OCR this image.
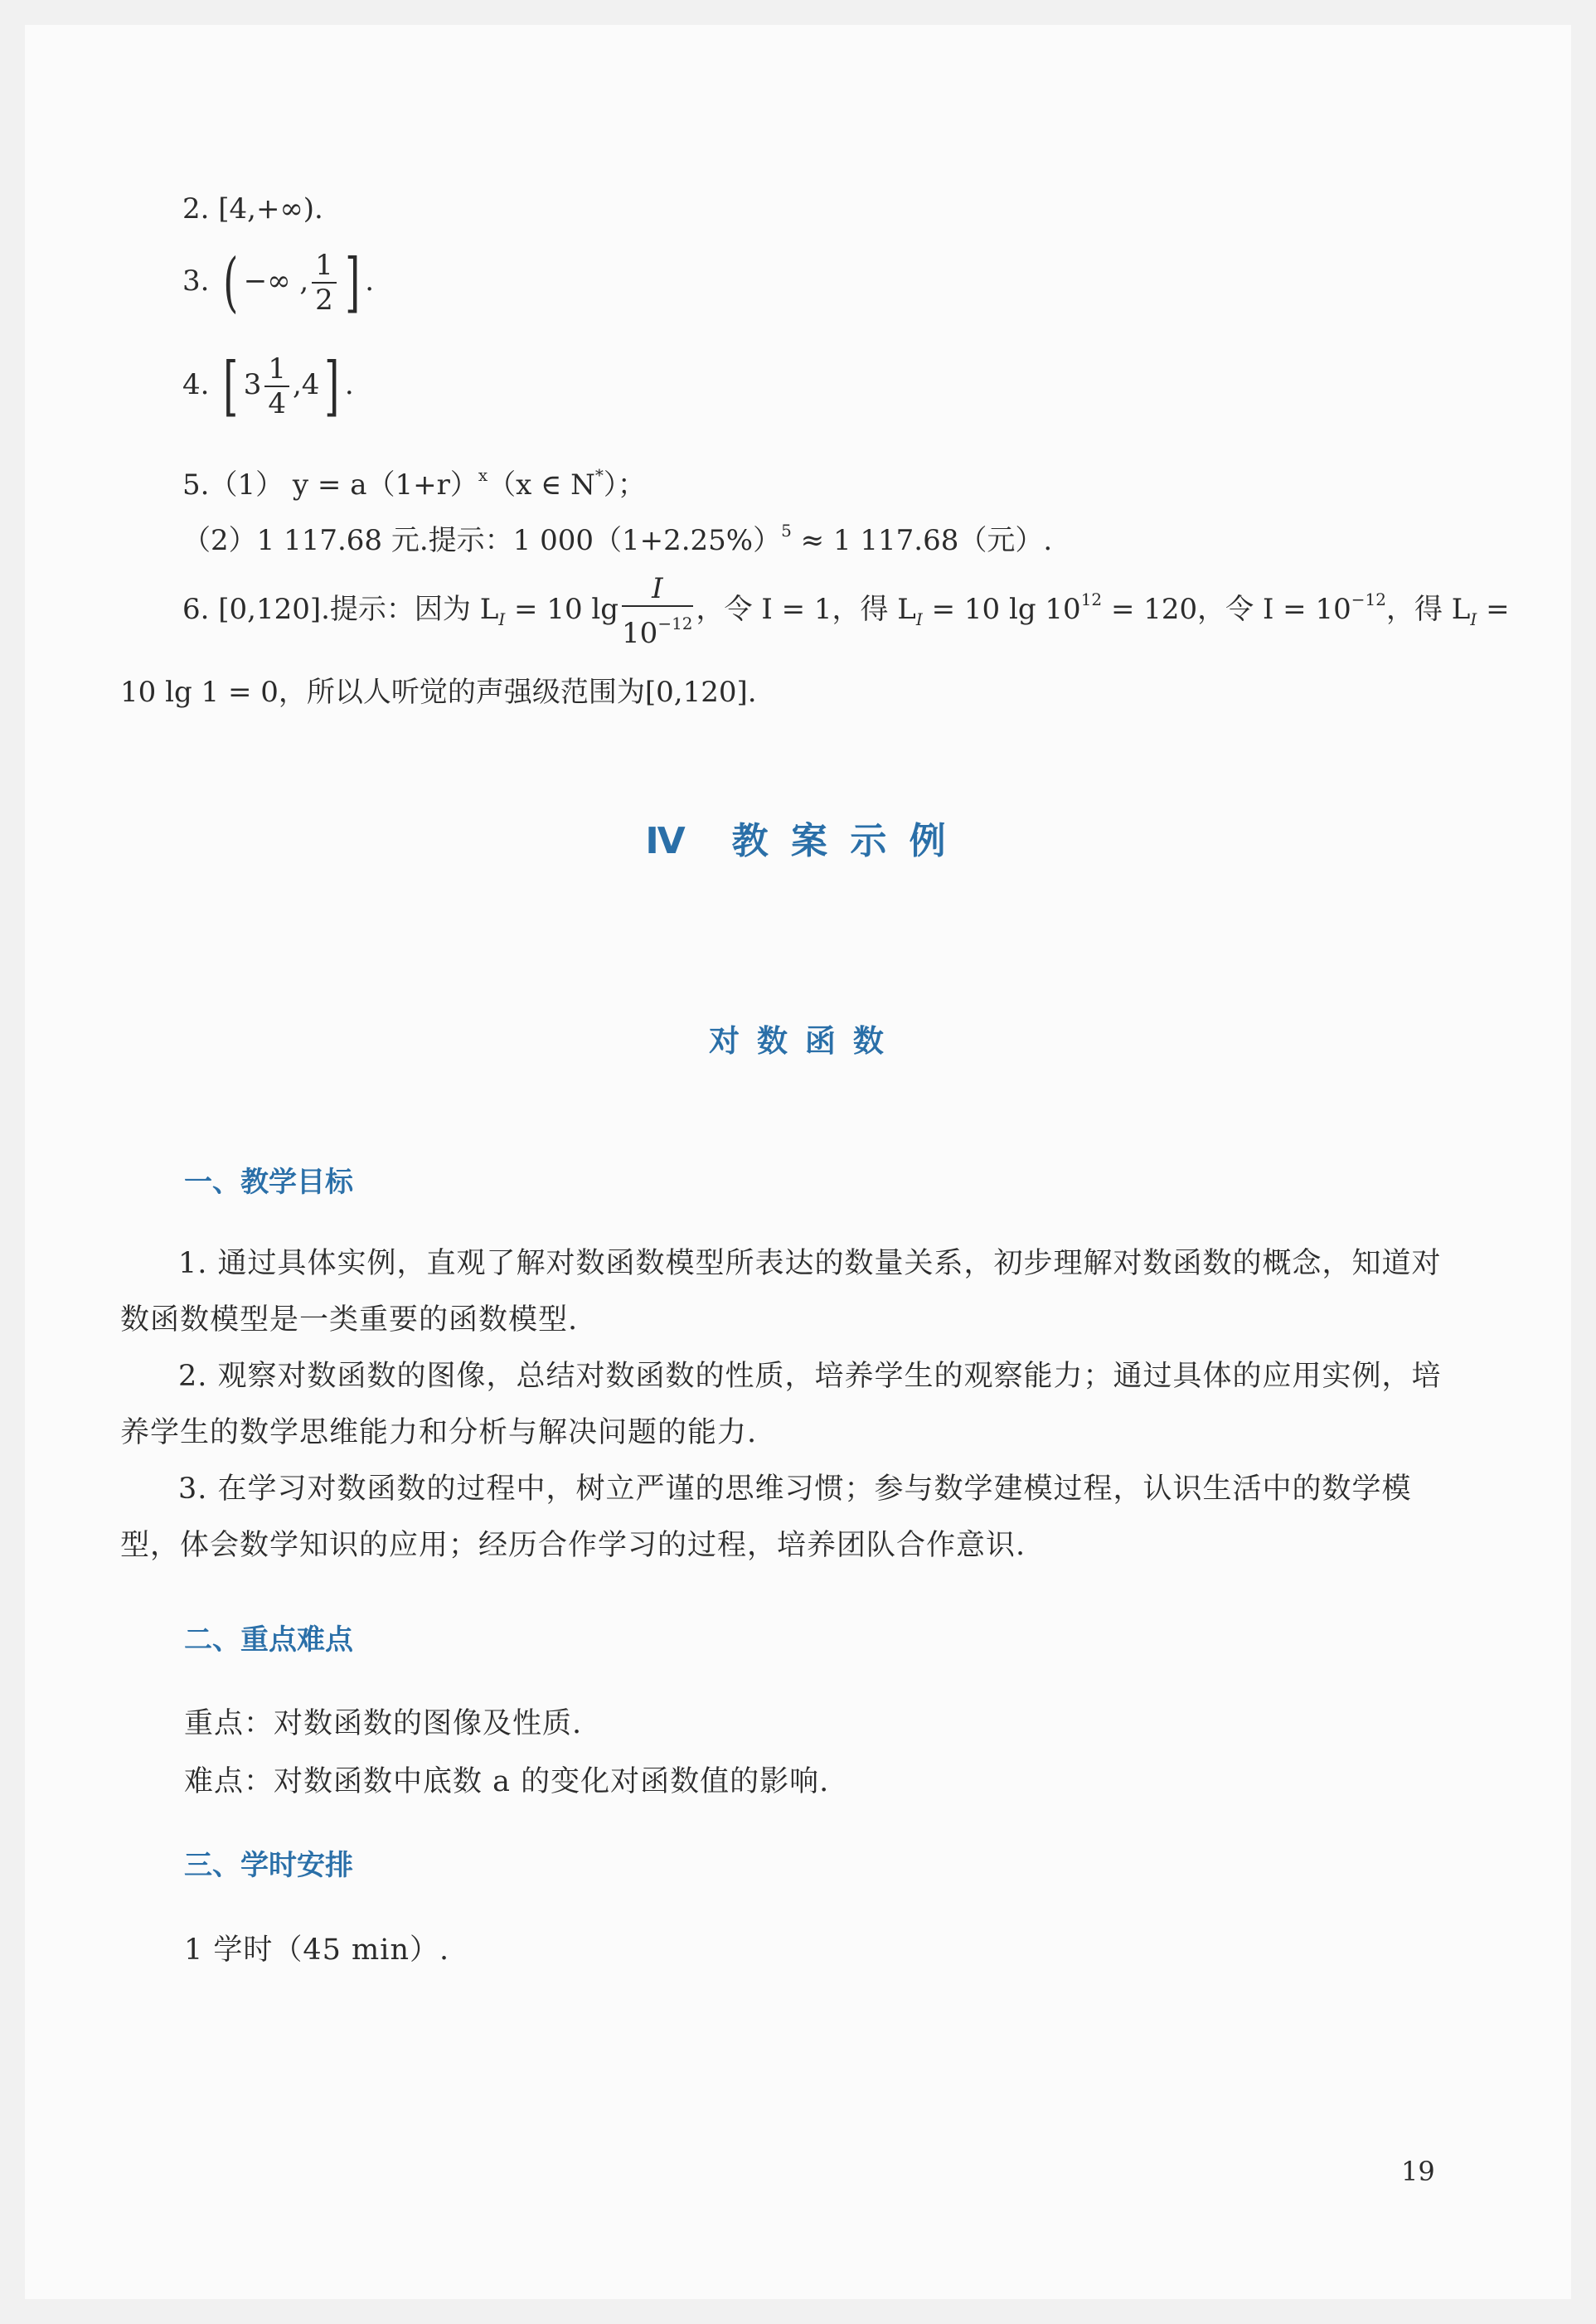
2. [4,+∞).
3. ( −∞ , $\frac{1}{2}$ ] .
4. [ $3 \frac{1}{4} ,4$] .
5.（1） $y = a(1+r)^x(x$ ∈ N*）；
（2）1 117.68 元.提示：1 $000(1+2.25\%)^5 \approx 1$ 117.68（元）.
6. [0,120].提示：因为 $L_I = 10$ $\lg \frac{I}{10^{-12}}$ ，令 I = 1，得 $L_I = 10$ $\lg 10^{12} = 120$，令 $I = 10^{-12}$，得 $L_I$ =
10 lg 1 = 0，所以人听觉的声强级范围为[0,120].
Ⅳ　教 案 示 例
对 数 函 数
一、教学目标
1. 通过具体实例，直观了解对数函数模型所表达的数量关系，初步理解对数函数的概念，知道对数函数模型是一类重要的函数模型.
2. 观察对数函数的图像，总结对数函数的性质，培养学生的观察能力；通过具体的应用实例，培养学生的数学思维能力和分析与解决问题的能力.
3. 在学习对数函数的过程中，树立严谨的思维习惯；参与数学建模过程，认识生活中的数学模型，体会数学知识的应用；经历合作学习的过程，培养团队合作意识.
二、重点难点
重点：对数函数的图像及性质.
难点：对数函数中底数 a 的变化对函数值的影响.
三、学时安排
1 学时（45 min）.
19
